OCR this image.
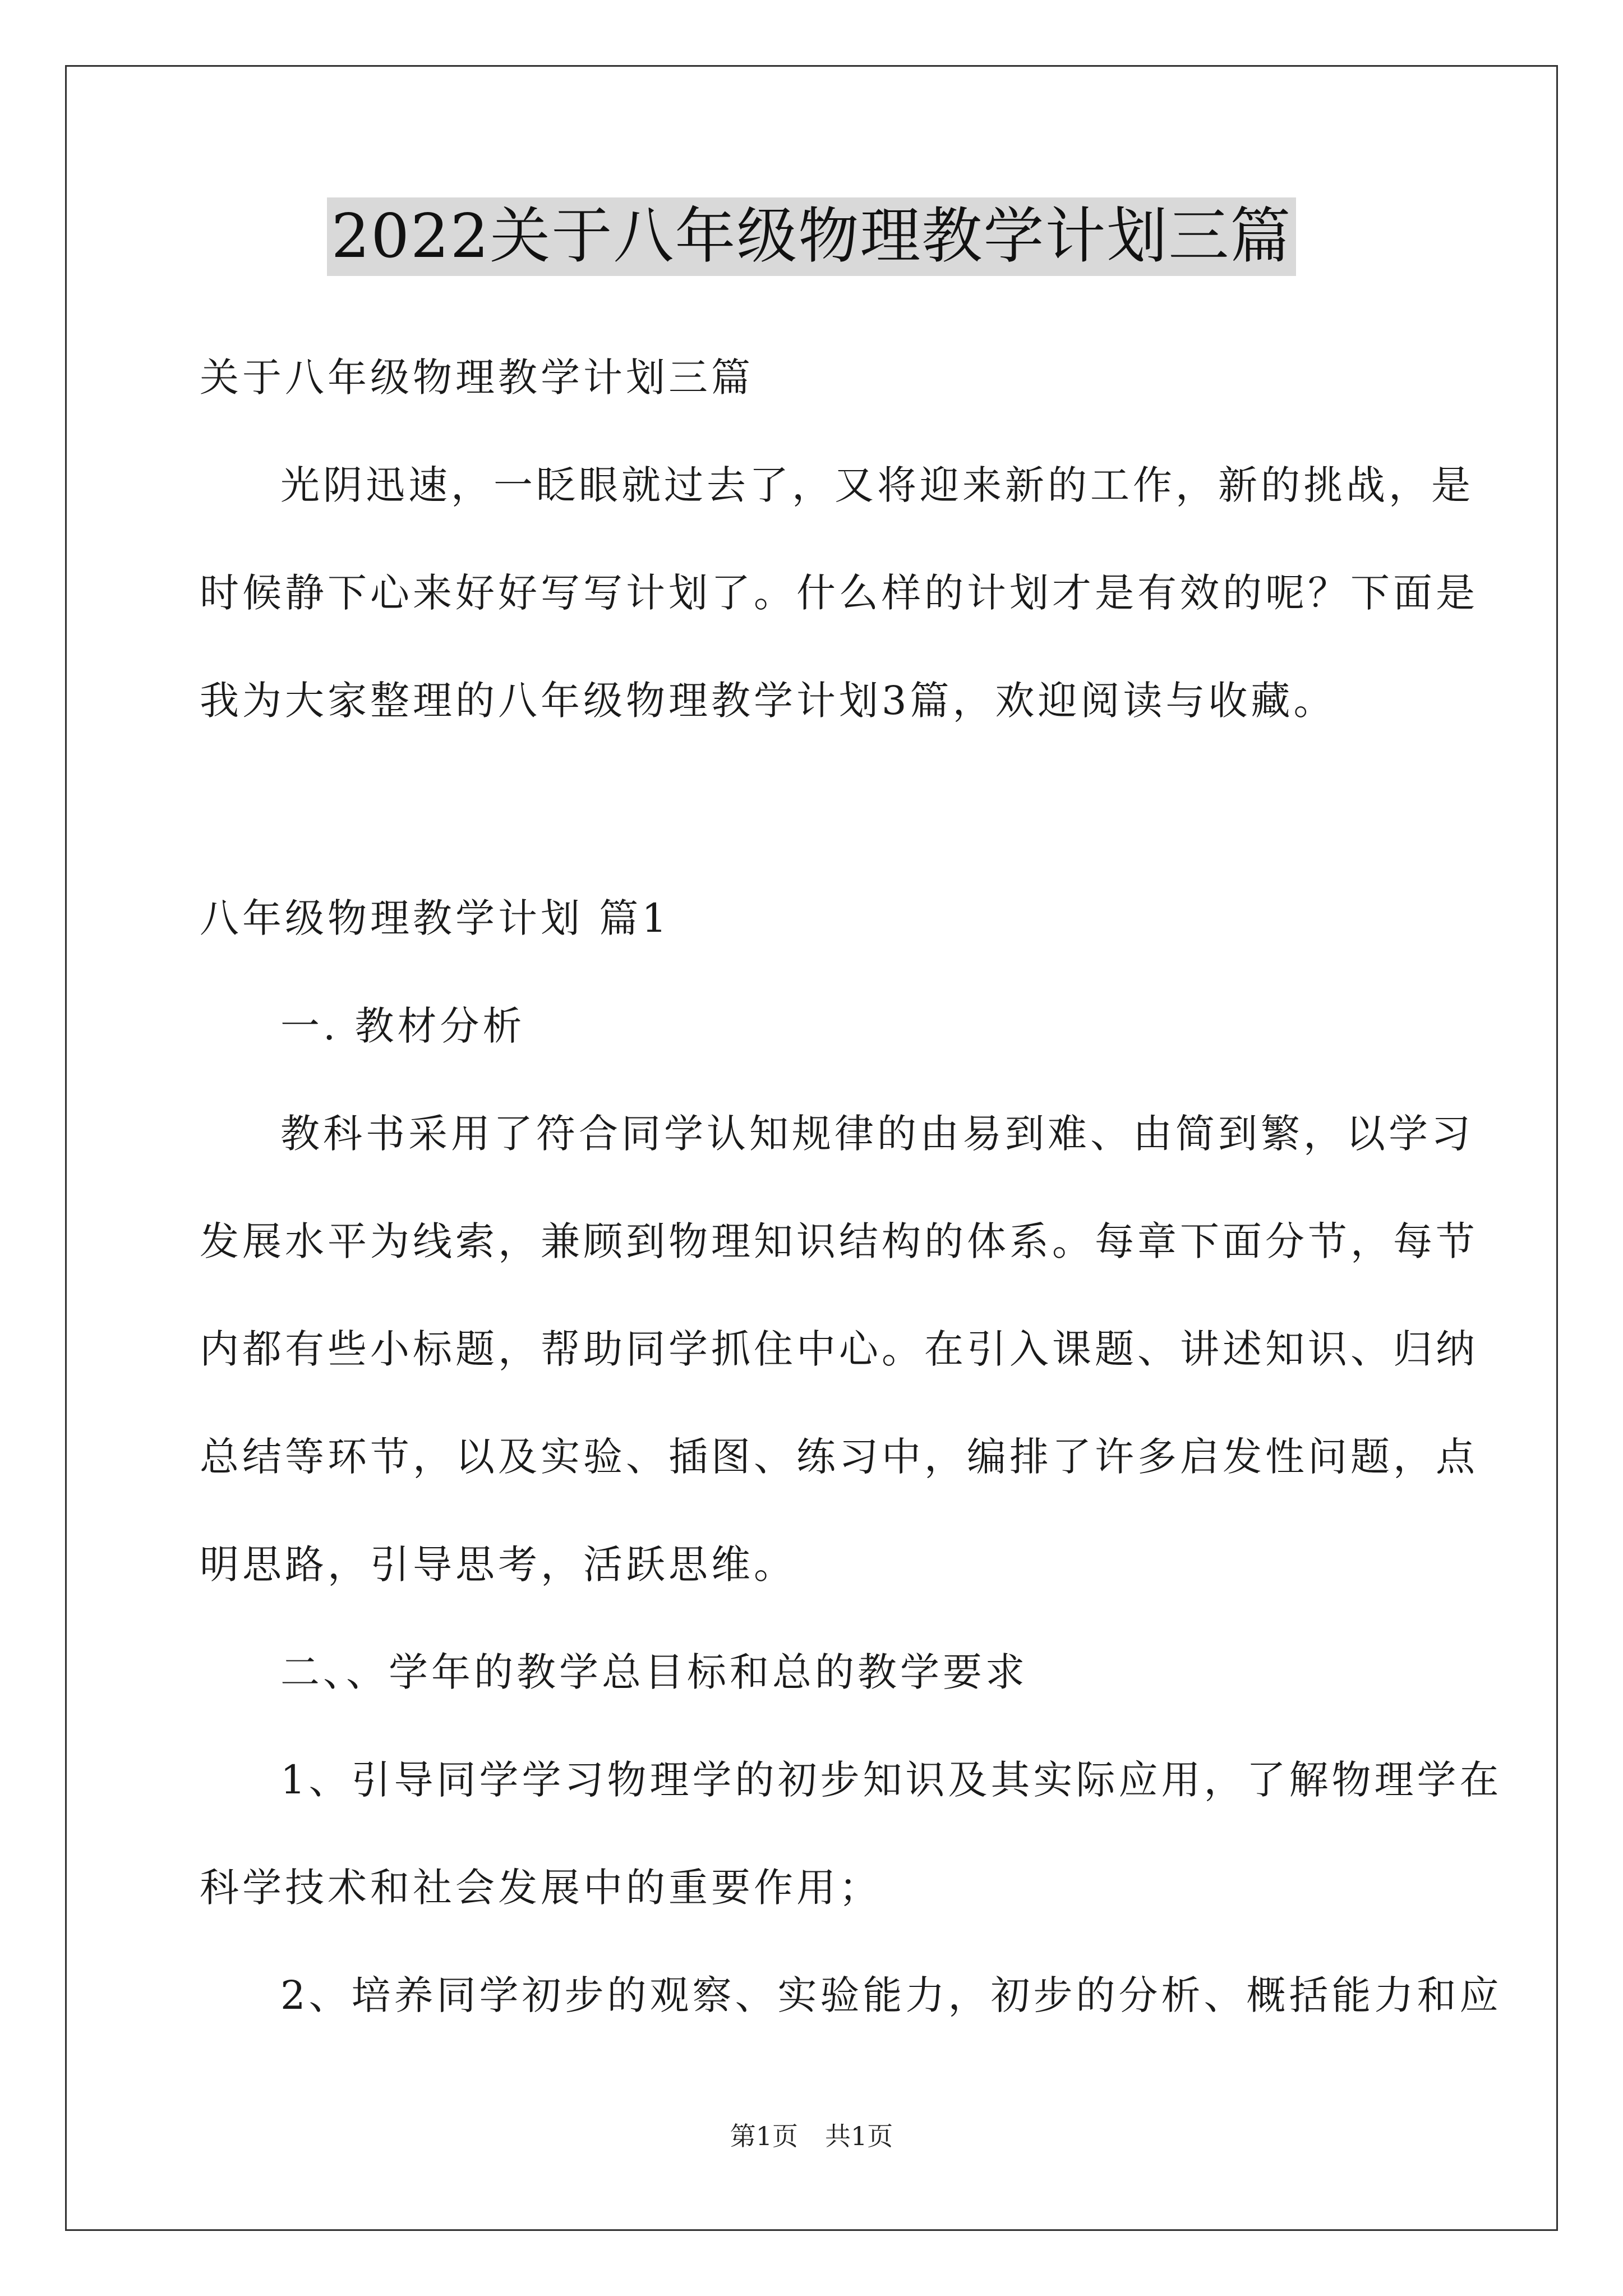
2022关于八年级物理教学计划三篇
关于八年级物理教学计划三篇
光阴迅速，一眨眼就过去了，又将迎来新的工作，新的挑战，是
时候静下心来好好写写计划了。什么样的计划才是有效的呢？下面是
我为大家整理的八年级物理教学计划3篇，欢迎阅读与收藏。
八年级物理教学计划 篇1
一. 教材分析
教科书采用了符合同学认知规律的由易到难、由简到繁，以学习
发展水平为线索，兼顾到物理知识结构的体系。每章下面分节，每节
内都有些小标题，帮助同学抓住中心。在引入课题、讲述知识、归纳
总结等环节，以及实验、插图、练习中，编排了许多启发性问题，点
明思路，引导思考，活跃思维。
二、、学年的教学总目标和总的教学要求
1、引导同学学习物理学的初步知识及其实际应用，了解物理学在
科学技术和社会发展中的重要作用；
2、培养同学初步的观察、实验能力，初步的分析、概括能力和应
第1页 共1页
